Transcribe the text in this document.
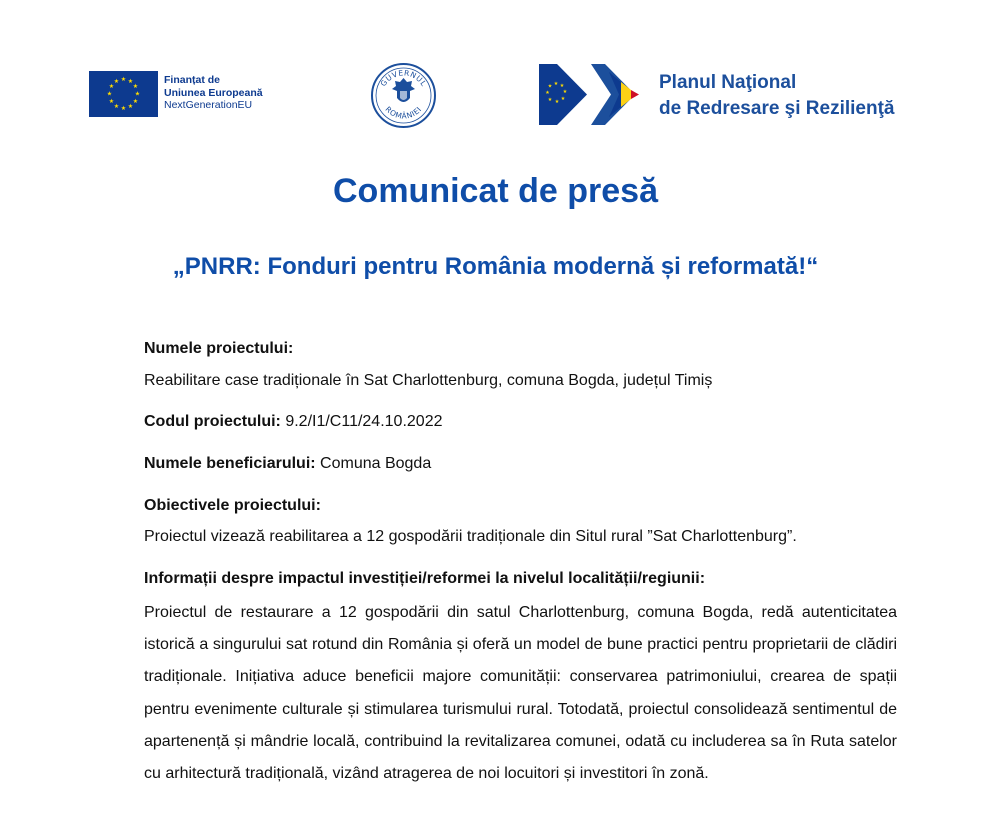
★ ★
★
★
★
★
★
★
★
★
★
★	Finanțat de
Uniunea Europeană
NextGenerationEU
GUVERNUL
ROMÂNIEI
★ ★
★
★
★
★
★
★	Planul Naţional
de Redresare şi Rezilienţă
Comunicat de presă
„PNRR: Fonduri pentru România modernă și reformată!“
Numele proiectului:
Reabilitare case tradiționale în Sat Charlottenburg, comuna Bogda, județul Timiș
Codul proiectului: 9.2/I1/C11/24.10.2022
Numele beneficiarului: Comuna Bogda
Obiectivele proiectului:
Proiectul vizează reabilitarea a 12 gospodării tradiționale din Situl rural ”Sat Charlottenburg”.
Informații despre impactul investiției/reformei la nivelul localității/regiunii:

Proiectul de restaurare a 12 gospodării din satul Charlottenburg, comuna Bogda, redă autenticitatea istorică a singurului sat rotund din România și oferă un model de bune practici pentru proprietarii de clădiri tradiționale. Inițiativa aduce beneficii majore comunității: conservarea patrimoniului, crearea de spații pentru evenimente culturale și stimularea turismului rural. Totodată, proiectul consolidează sentimentul de apartenență și mândrie locală, contribuind la revitalizarea comunei, odată cu includerea sa în Ruta satelor cu arhitectură tradițională, vizând atragerea de noi locuitori și investitori în zonă.
